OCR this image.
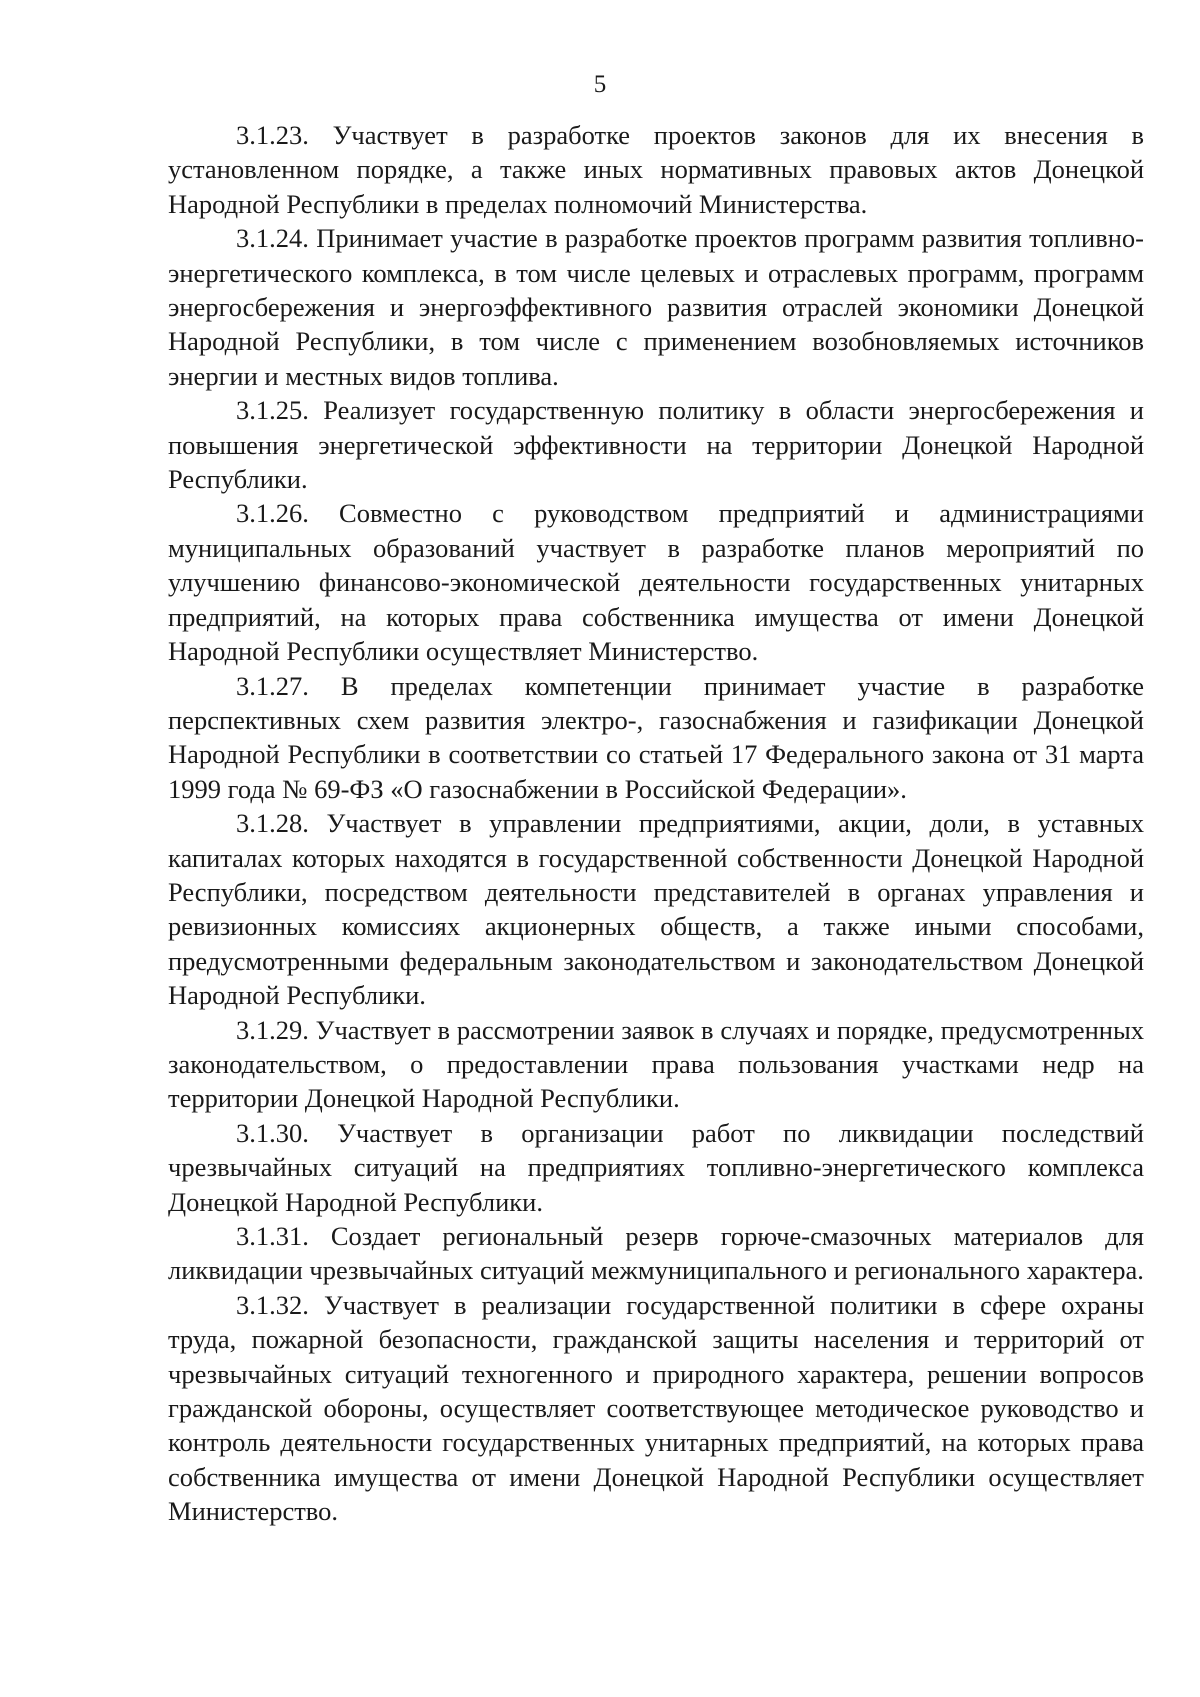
5

3.1.23. Участвует в разработке проектов законов для их внесения в установленном порядке, а также иных нормативных правовых актов Донецкой Народной Республики в пределах полномочий Министерства.

3.1.24. Принимает участие в разработке проектов программ развития топливно-энергетического комплекса, в том числе целевых и отраслевых программ, программ энергосбережения и энергоэффективного развития отраслей экономики Донецкой Народной Республики, в том числе с применением возобновляемых источников энергии и местных видов топлива.

3.1.25. Реализует государственную политику в области энергосбережения и повышения энергетической эффективности на территории Донецкой Народной Республики.

3.1.26. Совместно с руководством предприятий и администрациями муниципальных образований участвует в разработке планов мероприятий по улучшению финансово-экономической деятельности государственных унитарных предприятий, на которых права собственника имущества от имени Донецкой Народной Республики осуществляет Министерство.

3.1.27. В пределах компетенции принимает участие в разработке перспективных схем развития электро-, газоснабжения и газификации Донецкой Народной Республики в соответствии со статьей 17 Федерального закона от 31 марта 1999 года № 69-ФЗ «О газоснабжении в Российской Федерации».

3.1.28. Участвует в управлении предприятиями, акции, доли, в уставных капиталах которых находятся в государственной собственности Донецкой Народной Республики, посредством деятельности представителей в органах управления и ревизионных комиссиях акционерных обществ, а также иными способами, предусмотренными федеральным законодательством и законодательством Донецкой Народной Республики.

3.1.29. Участвует в рассмотрении заявок в случаях и порядке, предусмотренных законодательством, о предоставлении права пользования участками недр на территории Донецкой Народной Республики.

3.1.30. Участвует в организации работ по ликвидации последствий чрезвычайных ситуаций на предприятиях топливно-энергетического комплекса Донецкой Народной Республики.

3.1.31. Создает региональный резерв горюче-смазочных материалов для ликвидации чрезвычайных ситуаций межмуниципального и регионального характера.

3.1.32. Участвует в реализации государственной политики в сфере охраны труда, пожарной безопасности, гражданской защиты населения и территорий от чрезвычайных ситуаций техногенного и природного характера, решении вопросов гражданской обороны, осуществляет соответствующее методическое руководство и контроль деятельности государственных унитарных предприятий, на которых права собственника имущества от имени Донецкой Народной Республики осуществляет Министерство.
